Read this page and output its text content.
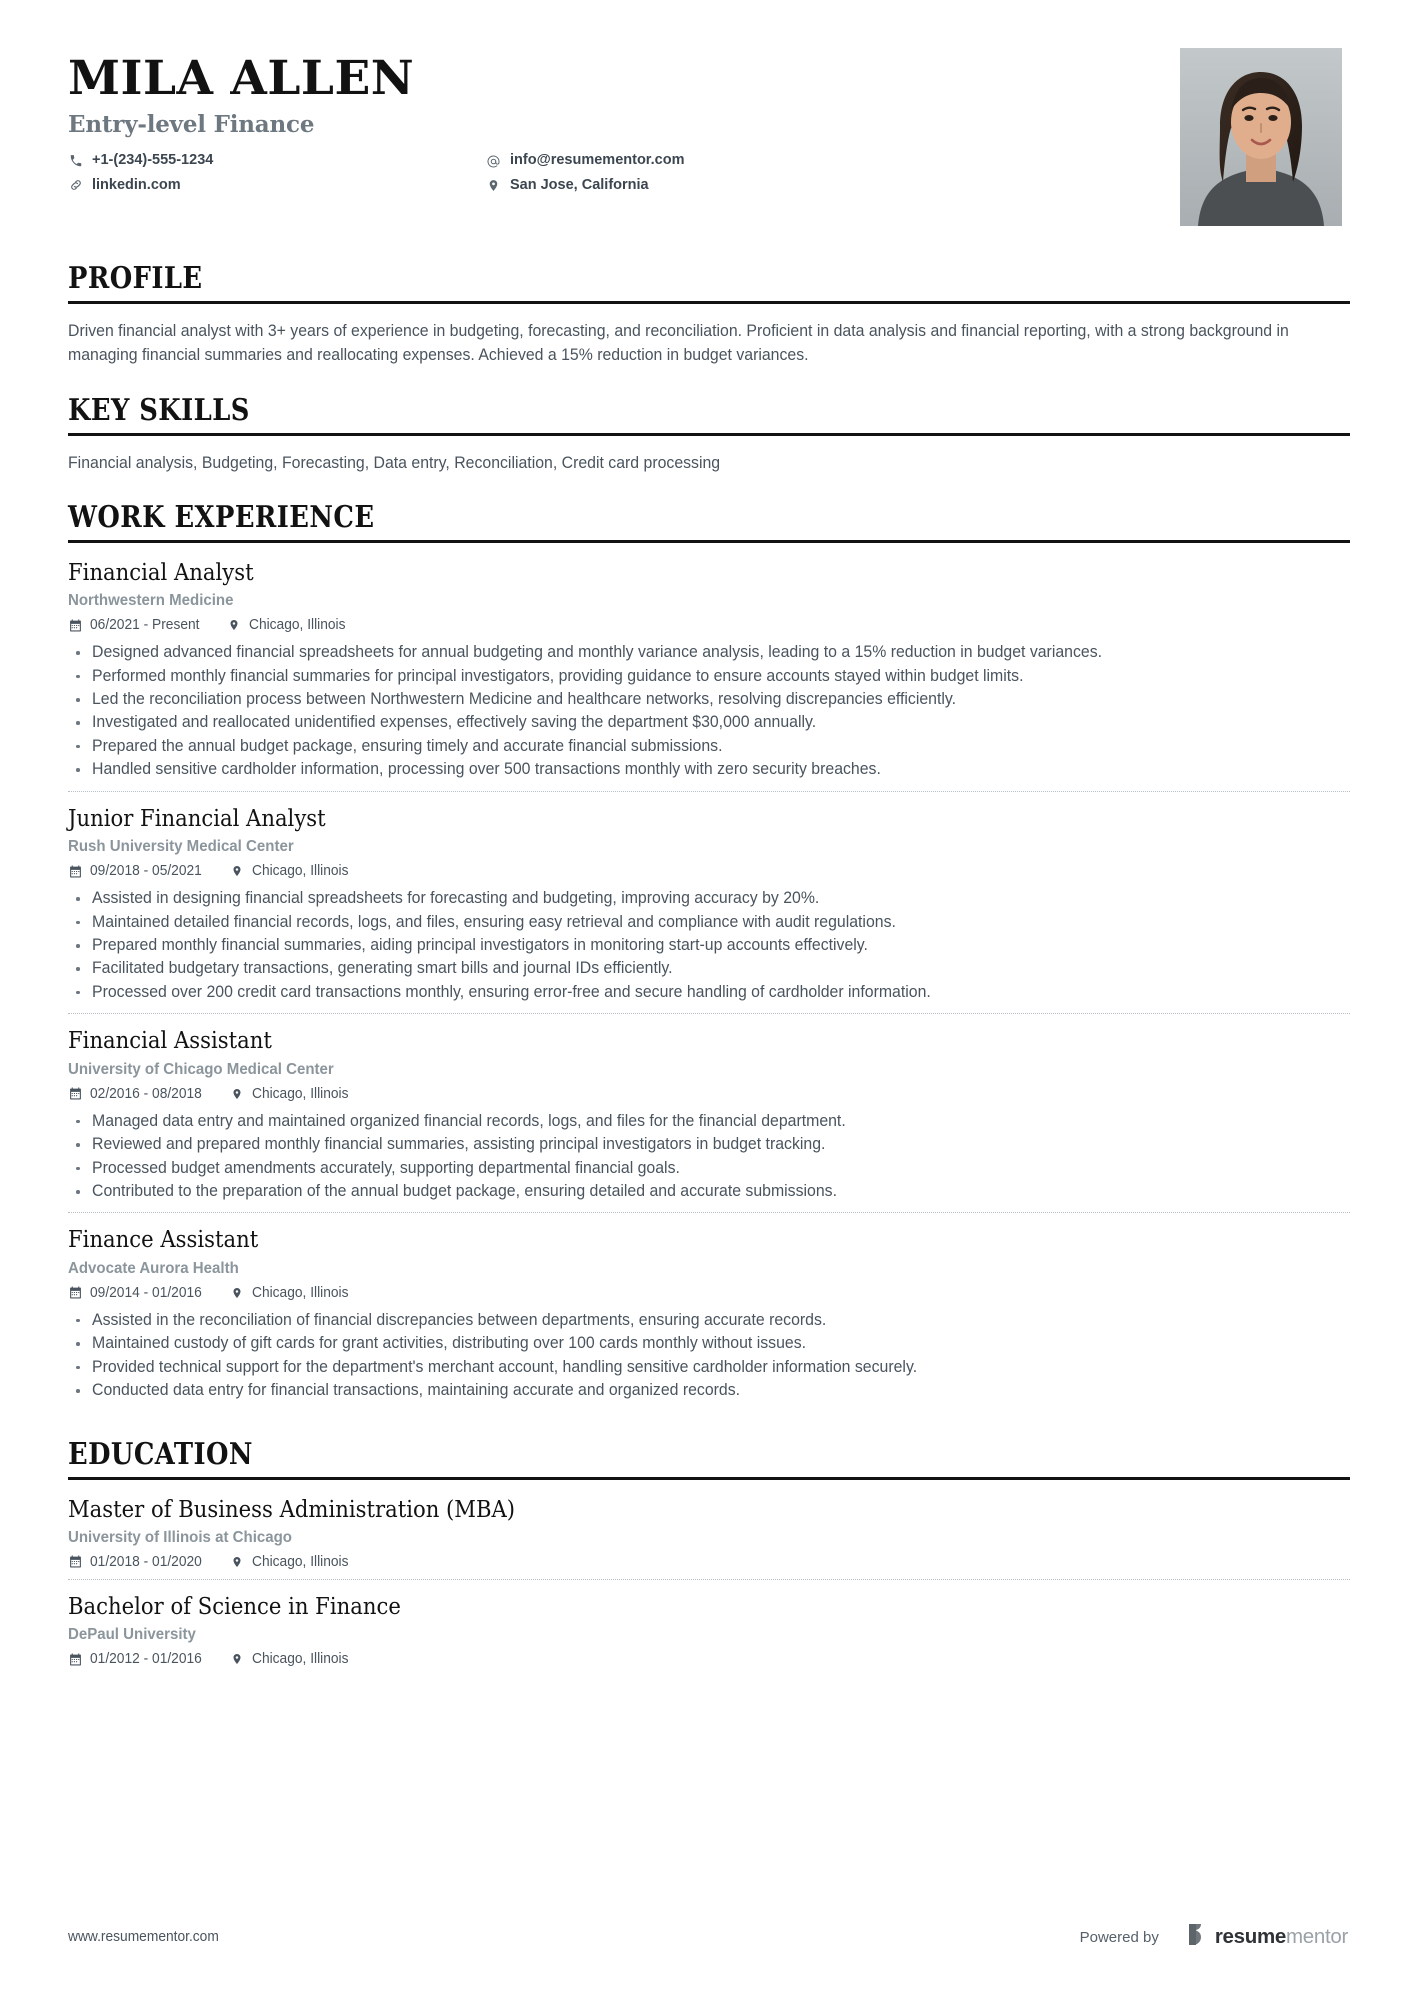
MILA ALLEN
Entry-level Finance
+1-(234)-555-1234
linkedin.com
info@resumementor.com
San Jose, California
PROFILE
Driven financial analyst with 3+ years of experience in budgeting, forecasting, and reconciliation. Proficient in data analysis and financial reporting, with a strong background in managing financial summaries and reallocating expenses. Achieved a 15% reduction in budget variances.
KEY SKILLS
Financial analysis, Budgeting, Forecasting, Data entry, Reconciliation, Credit card processing
WORK EXPERIENCE
Financial Analyst
Northwestern Medicine
06/2021 - Present	Chicago, Illinois
Designed advanced financial spreadsheets for annual budgeting and monthly variance analysis, leading to a 15% reduction in budget variances.
Performed monthly financial summaries for principal investigators, providing guidance to ensure accounts stayed within budget limits.
Led the reconciliation process between Northwestern Medicine and healthcare networks, resolving discrepancies efficiently.
Investigated and reallocated unidentified expenses, effectively saving the department $30,000 annually.
Prepared the annual budget package, ensuring timely and accurate financial submissions.
Handled sensitive cardholder information, processing over 500 transactions monthly with zero security breaches.
Junior Financial Analyst
Rush University Medical Center
09/2018 - 05/2021	Chicago, Illinois
Assisted in designing financial spreadsheets for forecasting and budgeting, improving accuracy by 20%.
Maintained detailed financial records, logs, and files, ensuring easy retrieval and compliance with audit regulations.
Prepared monthly financial summaries, aiding principal investigators in monitoring start-up accounts effectively.
Facilitated budgetary transactions, generating smart bills and journal IDs efficiently.
Processed over 200 credit card transactions monthly, ensuring error-free and secure handling of cardholder information.
Financial Assistant
University of Chicago Medical Center
02/2016 - 08/2018	Chicago, Illinois
Managed data entry and maintained organized financial records, logs, and files for the financial department.
Reviewed and prepared monthly financial summaries, assisting principal investigators in budget tracking.
Processed budget amendments accurately, supporting departmental financial goals.
Contributed to the preparation of the annual budget package, ensuring detailed and accurate submissions.
Finance Assistant
Advocate Aurora Health
09/2014 - 01/2016	Chicago, Illinois
Assisted in the reconciliation of financial discrepancies between departments, ensuring accurate records.
Maintained custody of gift cards for grant activities, distributing over 100 cards monthly without issues.
Provided technical support for the department's merchant account, handling sensitive cardholder information securely.
Conducted data entry for financial transactions, maintaining accurate and organized records.
EDUCATION
Master of Business Administration (MBA)
University of Illinois at Chicago
01/2018 - 01/2020	Chicago, Illinois
Bachelor of Science in Finance
DePaul University
01/2012 - 01/2016	Chicago, Illinois
www.resumementor.com	Powered by	resumementor
